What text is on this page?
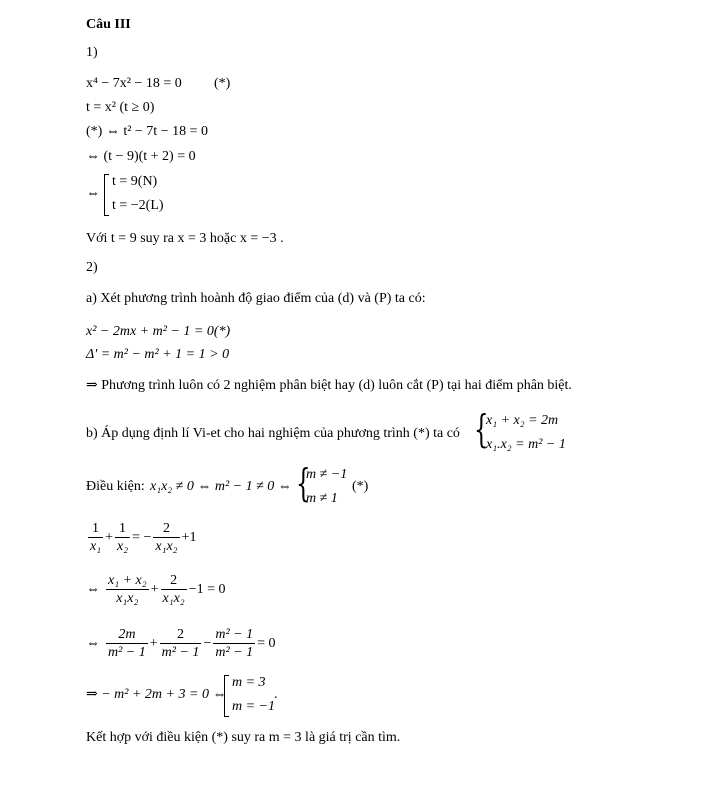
Câu III
1)
x⁴ − 7x² − 18 = 0 (*)
t = x² (t ≥ 0)
(*) ⇔ t² − 7t − 18 = 0
⇔ (t − 9)(t + 2) = 0
⇔
t = 9(N)
t = −2(L)
Với t = 9 suy ra x = 3 hoặc x = −3 .
2)
a) Xét phương trình hoành độ giao điểm của (d) và (P) ta có:
x² − 2mx + m² − 1 = 0(*)
Δ' = m² − m² + 1 = 1 > 0
⇒ Phương trình luôn có 2 nghiệm phân biệt hay (d) luôn cắt (P) tại hai điểm phân biệt.
b) Áp dụng định lí Vi-et cho hai nghiệm của phương trình (*) ta có {
x₁ + x₂ = 2m
x₁.x₂ = m² − 1
Điều kiện: x₁x₂ ≠ 0 ⇔ m² − 1 ≠ 0 ⇔ {
m ≠ −1
m ≠ 1
(*)
$\frac{1}{\text{x₁}} + \frac{1}{\text{x₂}}$ = − $\frac{2}{\text{x₁x₂}} +1$
⇔ $\frac{\text{x₁ + x₂}}{\text{x₁x₂}} + \frac{2}{\text{x₁x₂}} -1 = 0$
⇔ $\frac{2m}{\text{m² − 1}} + \frac{2}{\text{m² − 1}} - \frac{\text{m² − 1}}{\text{m² − 1}} = 0$
⇒ − m² + 2m + 3 = 0 ⇔
m = 3
m = −1
.
Kết hợp với điều kiện (*) suy ra m = 3 là giá trị cần tìm.
